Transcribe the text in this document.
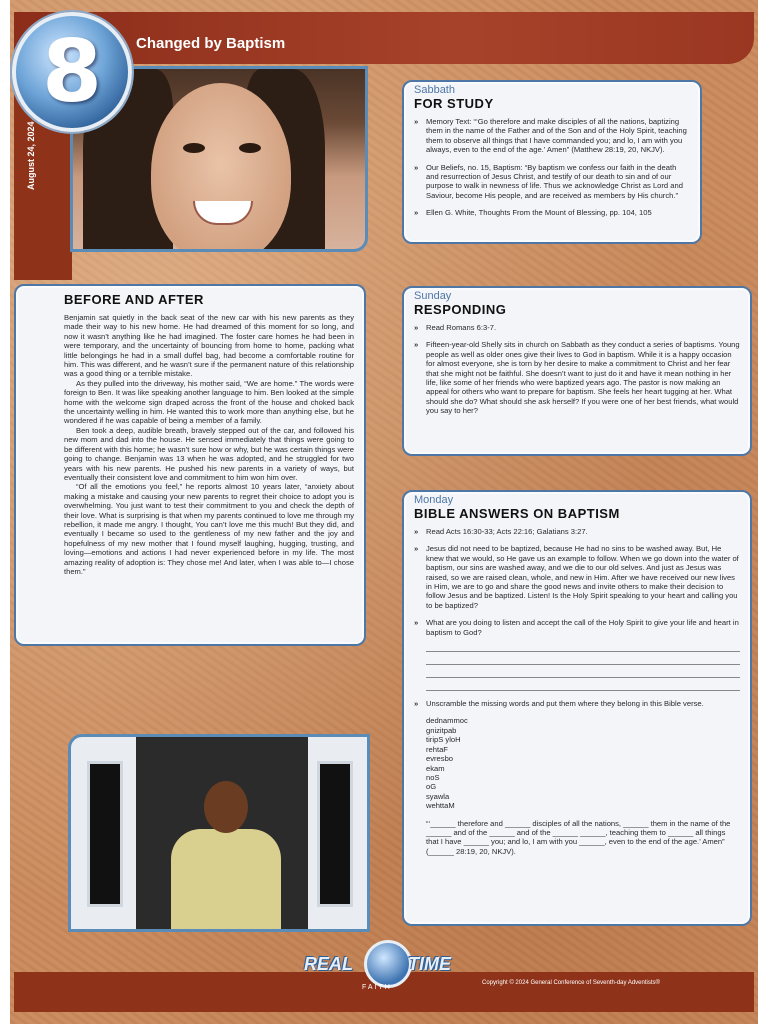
Changed by Baptism
August 24, 2024
8	Sabbath

FOR STUDY

»	Memory Text: “‘Go therefore and make disciples of all the nations, baptizing them in the name of the Father and of the Son and of the Holy Spirit, teaching them to observe all things that I have commanded you; and lo, I am with you always, even to the end of the age.’ Amen” (Matthew 28:19, 20, NKJV).
»	Our Beliefs, no. 15, Baptism: “By baptism we confess our faith in the death and resurrection of Jesus Christ, and testify of our death to sin and of our purpose to walk in newness of life. Thus we acknowledge Christ as Lord and Saviour, become His people, and are received as members by His church.”
»	Ellen G. White, Thoughts From the Mount of Blessing, pp. 104, 105

BEFORE AND AFTER

Benjamin sat quietly in the back seat of the new car with his new parents as they made their way to his new home. He had dreamed of this moment for so long, and now it wasn’t anything like he had imagined. The foster care homes he had been in were temporary, and the uncertainty of bouncing from home to home, packing what little belongings he had in a small duffel bag, had become a comfortable routine for him. This was different, and he wasn’t sure if the permanent nature of this relationship was a good thing or a terrible mistake.

As they pulled into the driveway, his mother said, “We are home.” The words were foreign to Ben. It was like speaking another language to him. Ben looked at the simple home with the welcome sign draped across the front of the house and choked back the uncertainty welling in him. He wanted this to work more than anything else, but he wondered if he was capable of being a member of a family.

Ben took a deep, audible breath, bravely stepped out of the car, and followed his new mom and dad into the house. He sensed immediately that things were going to be different with this home; he wasn’t sure how or why, but he was certain things were going to change. Benjamin was 13 when he was adopted, and he struggled for two years with his new parents. He pushed his new parents in a variety of ways, but eventually their consistent love and commitment to him won him over.

“Of all the emotions you feel,” he reports almost 10 years later, “anxiety about making a mistake and causing your new parents to regret their choice to adopt you is overwhelming. You just want to test their commitment to you and check the depth of their love. What is surprising is that when my parents continued to love me through my rebellion, it made me angry. I thought, You can’t love me this much! But they did, and eventually I became so used to the gentleness of my new father and the joy and hopefulness of my new mother that I found myself laughing, hugging, trusting, and loving—emotions and actions I had never experienced before in my life. The most amazing reality of adoption is: They chose me! And later, when I was able to—I chose them.”

Sunday

RESPONDING

»	Read Romans 6:3-7.
»	Fifteen-year-old Shelly sits in church on Sabbath as they conduct a series of baptisms. Young people as well as older ones give their lives to God in baptism. While it is a happy occasion for almost everyone, she is torn by her desire to make a commitment to Christ and her fear that she might not be faithful. She doesn’t want to just do it and have it mean nothing in her life, like some of her friends who were baptized years ago. The pastor is now making an appeal for others who want to prepare for baptism. She feels her heart tugging at her. What should she do? What should she ask herself? If you were one of her best friends, what would you say to her?

Monday

BIBLE ANSWERS ON BAPTISM

»	Read Acts 16:30-33; Acts 22:16; Galatians 3:27.
»	Jesus did not need to be baptized, because He had no sins to be washed away. But, He knew that we would, so He gave us an example to follow. When we go down into the water of baptism, our sins are washed away, and we die to our old selves. And just as Jesus was raised, so we are raised clean, whole, and new in Him. After we have received our new lives in Him, we are to go and share the good news and invite others to make their decision to follow Jesus and be baptized. Listen! Is the Holy Spirit speaking to your heart and calling you to be baptized?
»	What are you doing to listen and accept the call of the Holy Spirit to give your life and heart in baptism to God?
»	Unscramble the missing words and put them where they belong in this Bible verse.
dednammoc
gnizitpab
tiripS yloH
rehtaF
evresbo
ekam
noS
oG
syawla
wehttaM
“‘______ therefore and ______ disciples of all the nations, ______ them in the name of the ______ and of the ______ and of the ______ ______, teaching them to ______ all things that I have ______ you; and lo, I am with you ______, even to the end of the age.’ Amen” (______ 28:19, 20, NKJV).
REAL	TIME
FAITH
Copyright © 2024 General Conference of Seventh-day Adventists®
